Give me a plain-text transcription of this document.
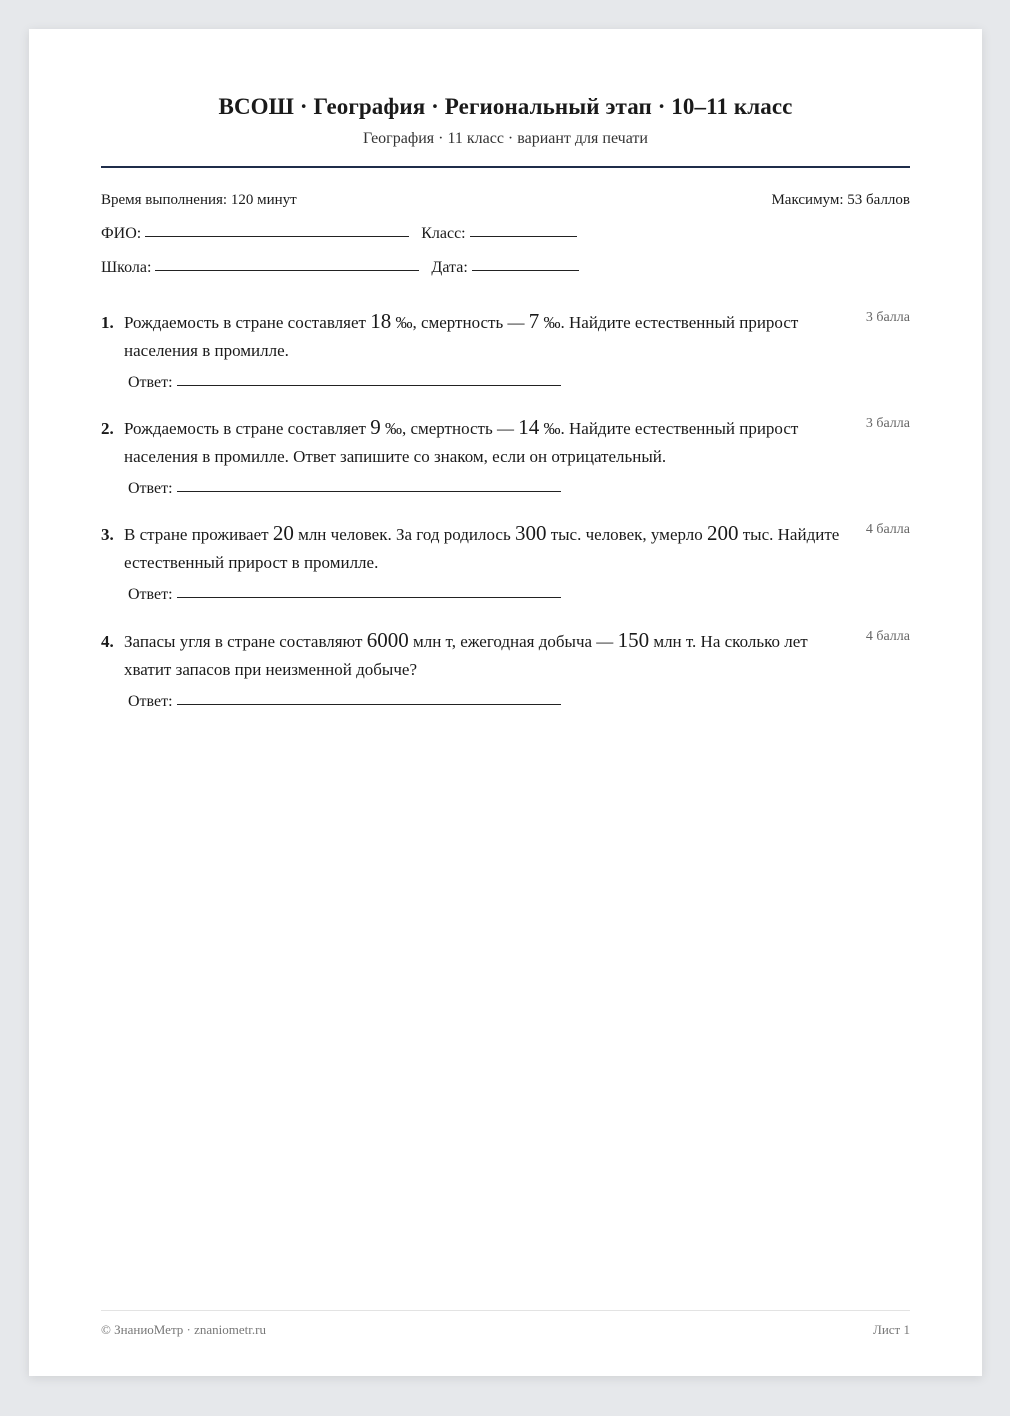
ВСОШ · География · Региональный этап · 10–11 класс
География · 11 класс · вариант для печати
Время выполнения: 120 минут	Максимум: 53 баллов
ФИО:	Класс:
Школа:	Дата:
1. Рождаемость в стране составляет 18 ‰, смертность — 7 ‰. Найдите естественный прирост населения в промилле.
3 балла
Ответ:
2. Рождаемость в стране составляет 9 ‰, смертность — 14 ‰. Найдите естественный прирост населения в промилле. Ответ запишите со знаком, если он отрицательный.
3 балла
Ответ:
3. В стране проживает 20 млн человек. За год родилось 300 тыс. человек, умерло 200 тыс. Найдите естественный прирост в промилле.
4 балла
Ответ:
4. Запасы угля в стране составляют 6000 млн т, ежегодная добыча — 150 млн т. На сколько лет хватит запасов при неизменной добыче?
4 балла
Ответ:
© ЗнаниоМетр · znaniometr.ru	Лист 1
